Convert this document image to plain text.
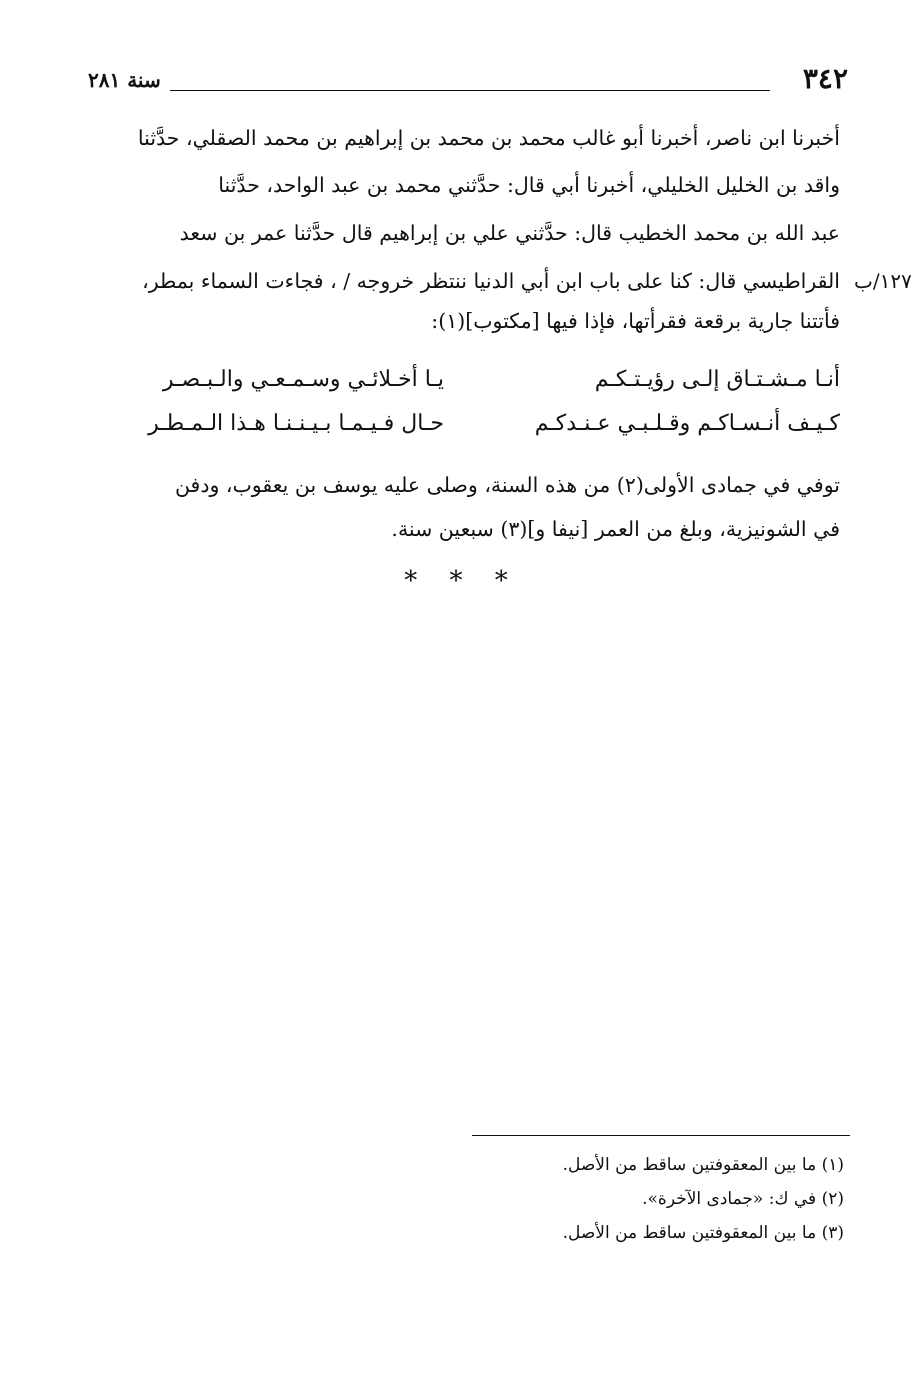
٣٤٢
سنة ٢٨١
أخبرنا ابن ناصر، أخبرنا أبو غالب محمد بن محمد بن إبراهيم بن محمد الصقلي، حدَّثنا
واقد بن الخليل الخليلي، أخبرنا أبي قال: حدَّثني محمد بن عبد الواحد، حدَّثنا
عبد الله بن محمد الخطيب قال: حدَّثني علي بن إبراهيم قال حدَّثنا عمر بن سعد
القراطيسي قال: كنا على باب ابن أبي الدنيا ننتظر خروجه / ، فجاءت السماء بمطر،
فأتتنا جارية برقعة فقرأتها، فإذا فيها [مكتوب](١):
١٢٧/ب
أنـا مـشـتـاق إلـى رؤيـتـكـم
يـا أخـلائـي وسـمـعـي والـبـصـر
كـيـف أنـسـاكـم وقـلـبـي عـنـدكـم
حـال فـيـمـا بـيـنـنـا هـذا الـمـطـر
توفي في جمادى الأولى(٢) من هذه السنة، وصلى عليه يوسف بن يعقوب، ودفن
في الشونيزية، وبلغ من العمر [نيفا و](٣) سبعين سنة.
* * *
(١) ما بين المعقوفتين ساقط من الأصل.
(٢) في ك: «جمادى الآخرة».
(٣) ما بين المعقوفتين ساقط من الأصل.
